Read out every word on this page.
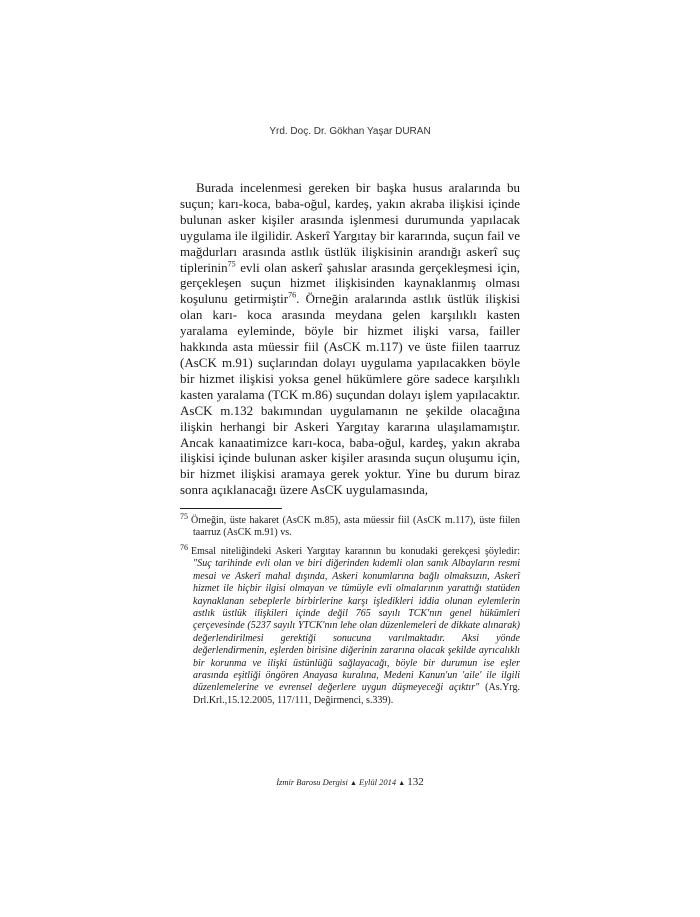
Yrd. Doç. Dr. Gökhan Yaşar DURAN

Burada incelenmesi gereken bir başka husus aralarında bu suçun; karı-koca, baba-oğul, kardeş, yakın akraba ilişkisi içinde bulunan asker kişiler arasında işlenmesi durumunda yapılacak uygulama ile ilgilidir. Askerî Yargıtay bir kararında, suçun fail ve mağdurları arasında astlık üstlük ilişkisinin arandığı askerî suç tiplerinin$^{75}$ evli olan askerî şahıslar arasında gerçekleşmesi için, gerçekleşen suçun hizmet ilişkisinden kaynaklanmış olması koşulunu getirmiştir$^{76}$. Örneğin aralarında astlık üstlük ilişkisi olan karı- koca arasında meydana gelen karşılıklı kasten yaralama eyleminde, böyle bir hizmet ilişki varsa, failler hakkında asta müessir fiil (AsCK m.117) ve üste fiilen taarruz (AsCK m.91) suçlarından dolayı uygulama yapılacakken böyle bir hizmet ilişkisi yoksa genel hükümlere göre sadece karşılıklı kasten yaralama (TCK m.86) suçundan dolayı işlem yapılacaktır. AsCK m.132 bakımından uygulamanın ne şekilde olacağına ilişkin herhangi bir Askeri Yargıtay kararına ulaşılamamıştır. Ancak kanaatimizce karı-koca, baba-oğul, kardeş, yakın akraba ilişkisi içinde bulunan asker kişiler arasında suçun oluşumu için, bir hizmet ilişkisi aramaya gerek yoktur. Yine bu durum biraz sonra açıklanacağı üzere AsCK uygulamasında,

$^{75}$ Örneğin, üste hakaret (AsCK m.85), asta müessir fiil (AsCK m.117), üste fiilen taarruz (AsCK m.91) vs.
$^{76}$ Emsal niteliğindeki Askeri Yargıtay kararının bu konudaki gerekçesi şöyledir: "Suç tarihinde evli olan ve biri diğerinden kıdemli olan sanık Albayların resmi mesai ve Askerî mahal dışında, Askeri konumlarına bağlı olmaksızın, Askerî hizmet ile hiçbir ilgisi olmayan ve tümüyle evli olmalarının yarattığı statüden kaynaklanan sebeplerle birbirlerine karşı işledikleri iddia olunan eylemlerin astlık üstlük ilişkileri içinde değil 765 sayılı TCK'nın genel hükümleri çerçevesinde (5237 sayılı YTCK'nın lehe olan düzenlemeleri de dikkate alınarak) değerlendirilmesi gerektiği sonucuna varılmaktadır. Aksi yönde değerlendirmenin, eşlerden birisine diğerinin zararına olacak şekilde ayrıcalıklı bir korunma ve ilişki üstünlüğü sağlayacağı, böyle bir durumun ise eşler arasında eşitliği öngören Anayasa kuralına, Medeni Kanun'un 'aile' ile ilgili düzenlemelerine ve evrensel değerlere uygun düşmeyeceği açıktır" (As.Yrg. Drl.Krl.,15.12.2005, 117/111, Değirmenci, s.339).
İzmir Barosu Dergisi ▲ Eylül 2014 ▲ 132
